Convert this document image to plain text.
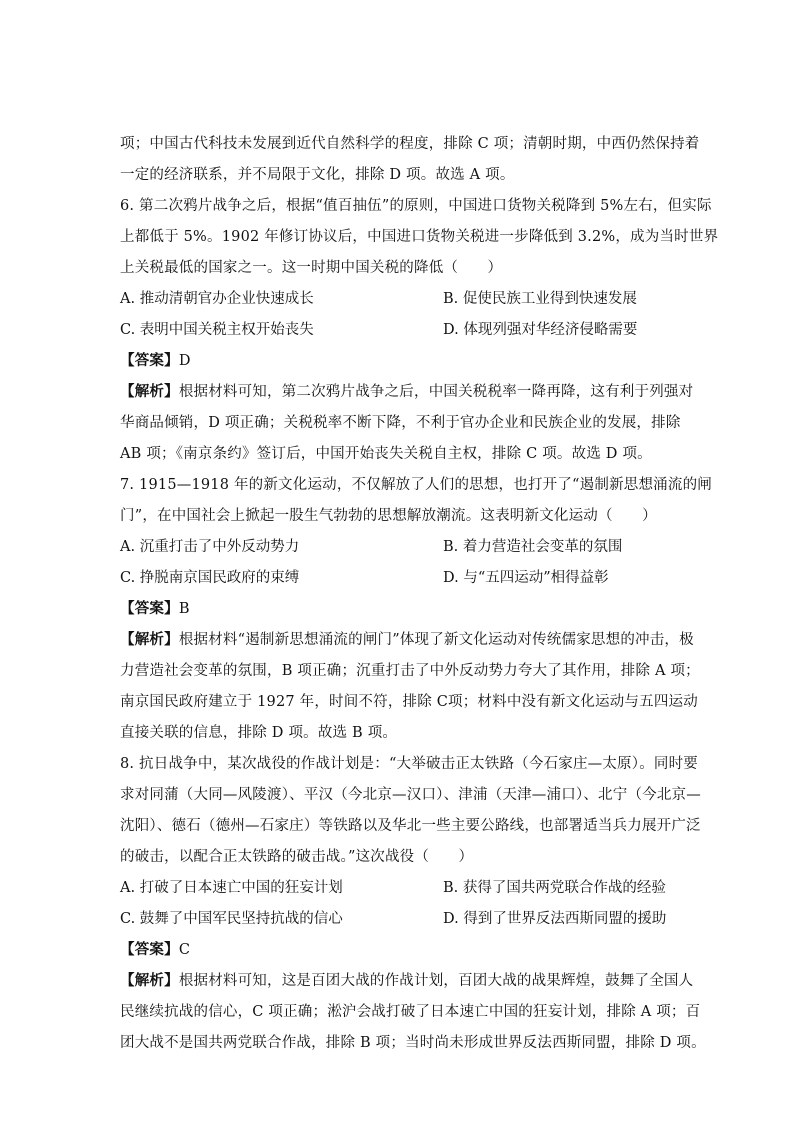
项；中国古代科技未发展到近代自然科学的程度，排除 C 项；清朝时期，中西仍然保持着
一定的经济联系，并不局限于文化，排除 D 项。故选 A 项。
6. 第二次鸦片战争之后，根据“值百抽伍”的原则，中国进口货物关税降到 5%左右，但实际
上都低于 5%。1902 年修订协议后，中国进口货物关税进一步降低到 3.2%，成为当时世界
上关税最低的国家之一。这一时期中国关税的降低（　　）
A. 推动清朝官办企业快速成长	B. 促使民族工业得到快速发展
C. 表明中国关税主权开始丧失	D. 体现列强对华经济侵略需要
【答案】D
【解析】根据材料可知，第二次鸦片战争之后，中国关税税率一降再降，这有利于列强对
华商品倾销，D 项正确；关税税率不断下降，不利于官办企业和民族企业的发展，排除
AB 项；《南京条约》签订后，中国开始丧失关税自主权，排除 C 项。故选 D 项。
7. 1915—1918 年的新文化运动，不仅解放了人们的思想，也打开了“遏制新思想涌流的闸
门”，在中国社会上掀起一股生气勃勃的思想解放潮流。这表明新文化运动（　　）
A. 沉重打击了中外反动势力	B. 着力营造社会变革的氛围
C. 挣脱南京国民政府的束缚	D. 与“五四运动”相得益彰
【答案】B
【解析】根据材料“遏制新思想涌流的闸门”体现了新文化运动对传统儒家思想的冲击，极
力营造社会变革的氛围，B 项正确；沉重打击了中外反动势力夸大了其作用，排除 A 项；
南京国民政府建立于 1927 年，时间不符，排除 C项；材料中没有新文化运动与五四运动
直接关联的信息，排除 D 项。故选 B 项。
8. 抗日战争中，某次战役的作战计划是：“大举破击正太铁路（今石家庄—太原）。同时要
求对同蒲（大同—风陵渡）、平汉（今北京—汉口）、津浦（天津—浦口）、北宁（今北京—
沈阳）、德石（德州—石家庄）等铁路以及华北一些主要公路线，也部署适当兵力展开广泛
的破击，以配合正太铁路的破击战。”这次战役（　　）
A. 打破了日本速亡中国的狂妄计划	B. 获得了国共两党联合作战的经验
C. 鼓舞了中国军民坚持抗战的信心	D. 得到了世界反法西斯同盟的援助
【答案】C
【解析】根据材料可知，这是百团大战的作战计划，百团大战的战果辉煌，鼓舞了全国人
民继续抗战的信心，C 项正确；淞沪会战打破了日本速亡中国的狂妄计划，排除 A 项；百
团大战不是国共两党联合作战，排除 B 项；当时尚未形成世界反法西斯同盟，排除 D 项。
